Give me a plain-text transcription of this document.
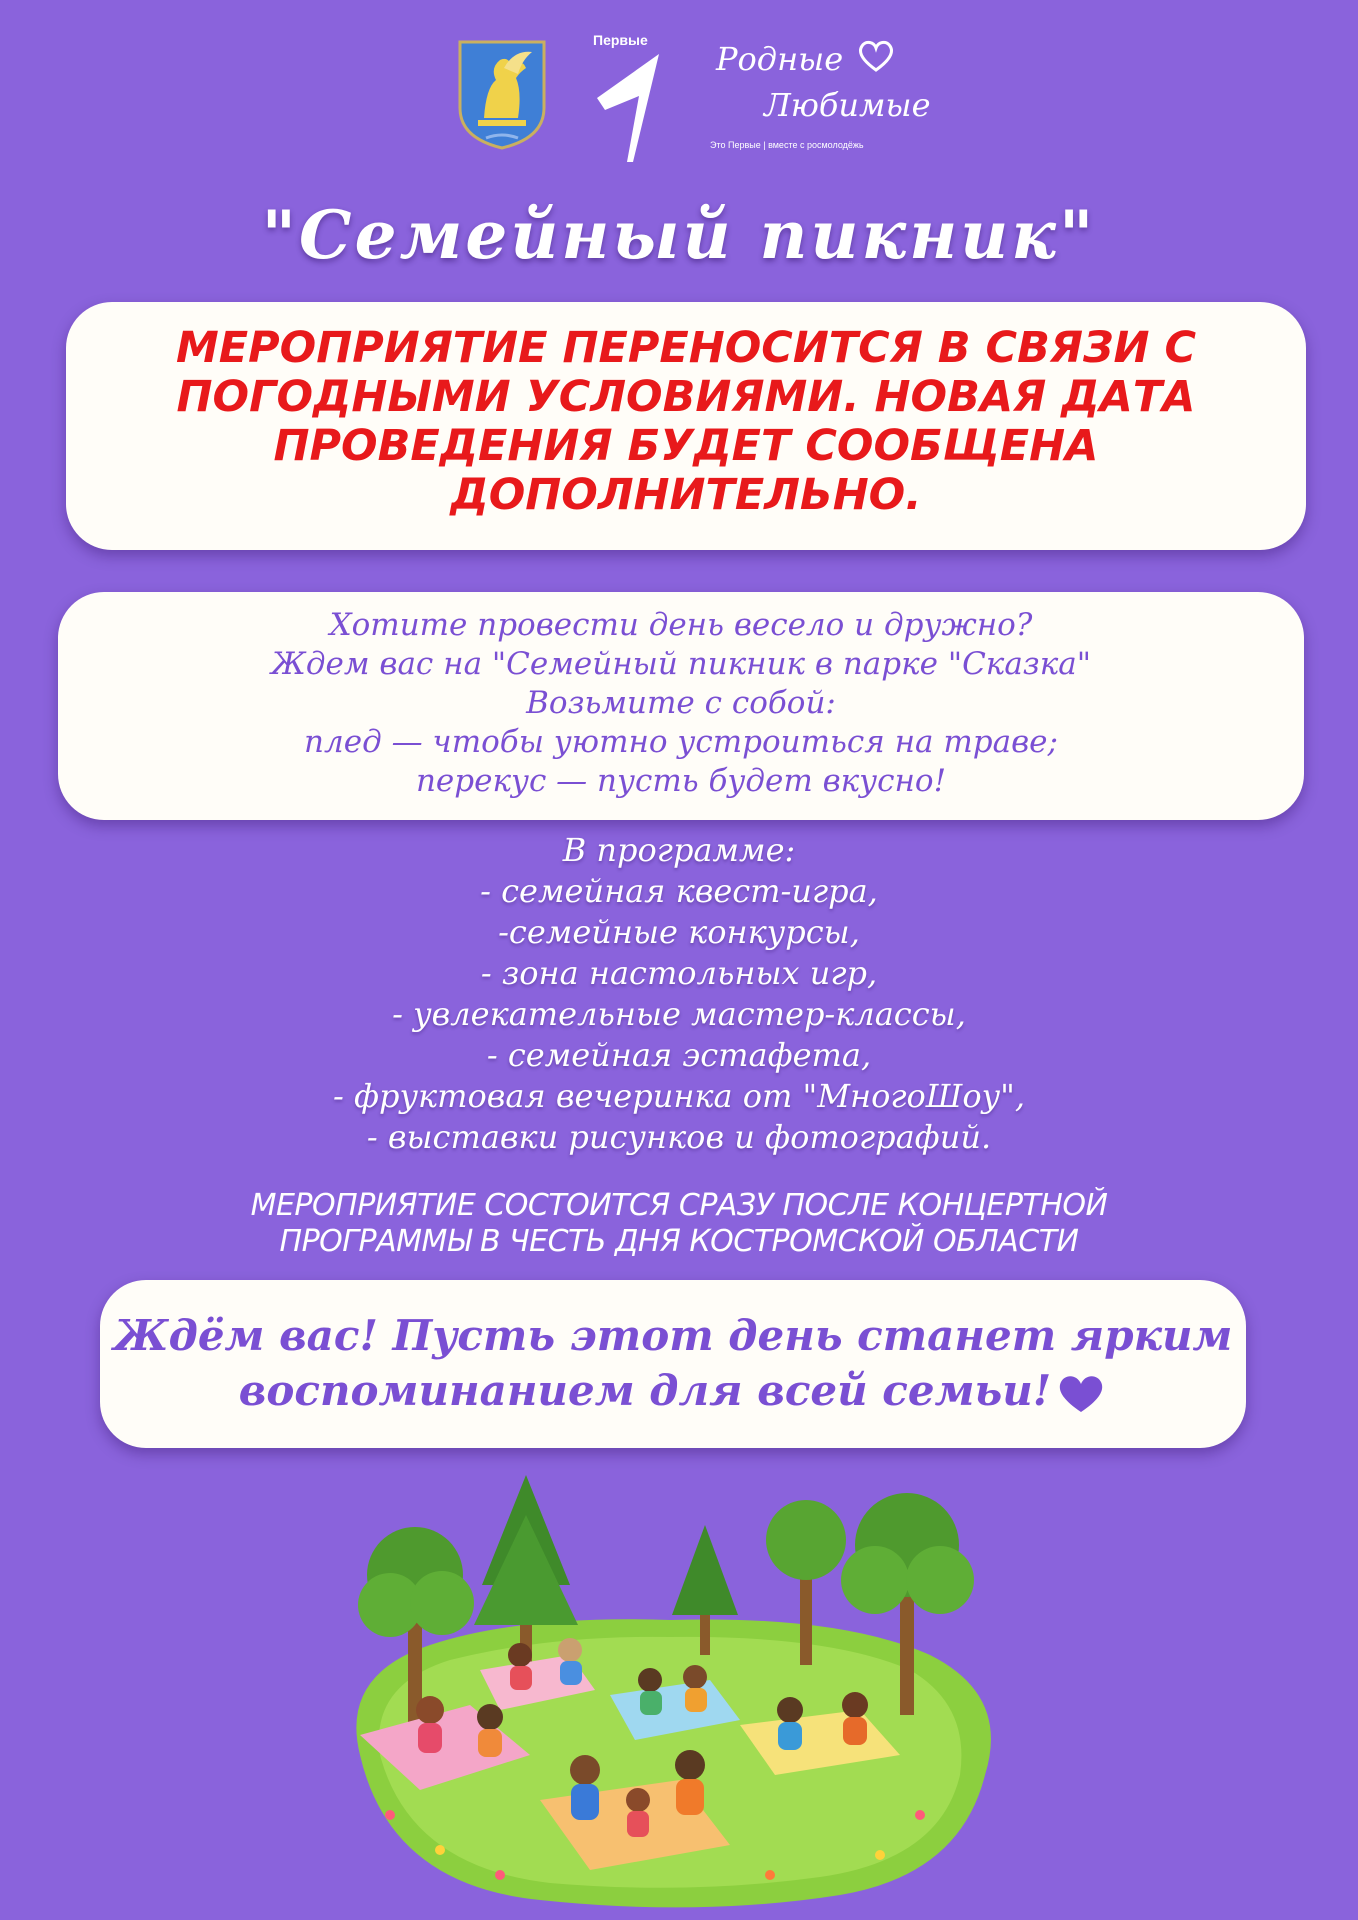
Первые Родные
Любимые
Это Первые | вместе с росмолодёжь
"Семейный пикник"
МЕРОПРИЯТИЕ ПЕРЕНОСИТСЯ В СВЯЗИ С
ПОГОДНЫМИ УСЛОВИЯМИ. НОВАЯ ДАТА
ПРОВЕДЕНИЯ БУДЕТ СООБЩЕНА
ДОПОЛНИТЕЛЬНО.
Хотите провести день весело и дружно?
Ждем вас на "Семейный пикник в парке "Сказка"
Возьмите с собой:
плед — чтобы уютно устроиться на траве;
перекус — пусть будет вкусно!
В программе:
- семейная квест-игра,
-семейные конкурсы,
- зона настольных игр,
- увлекательные мастер-классы,
- семейная эстафета,
- фруктовая вечеринка от "МногоШоу",
- выставки рисунков и фотографий.
МЕРОПРИЯТИЕ СОСТОИТСЯ СРАЗУ ПОСЛЕ КОНЦЕРТНОЙ
ПРОГРАММЫ В ЧЕСТЬ ДНЯ КОСТРОМСКОЙ ОБЛАСТИ
Ждём вас! Пусть этот день станет ярким
воспоминанием для всей семьи!
